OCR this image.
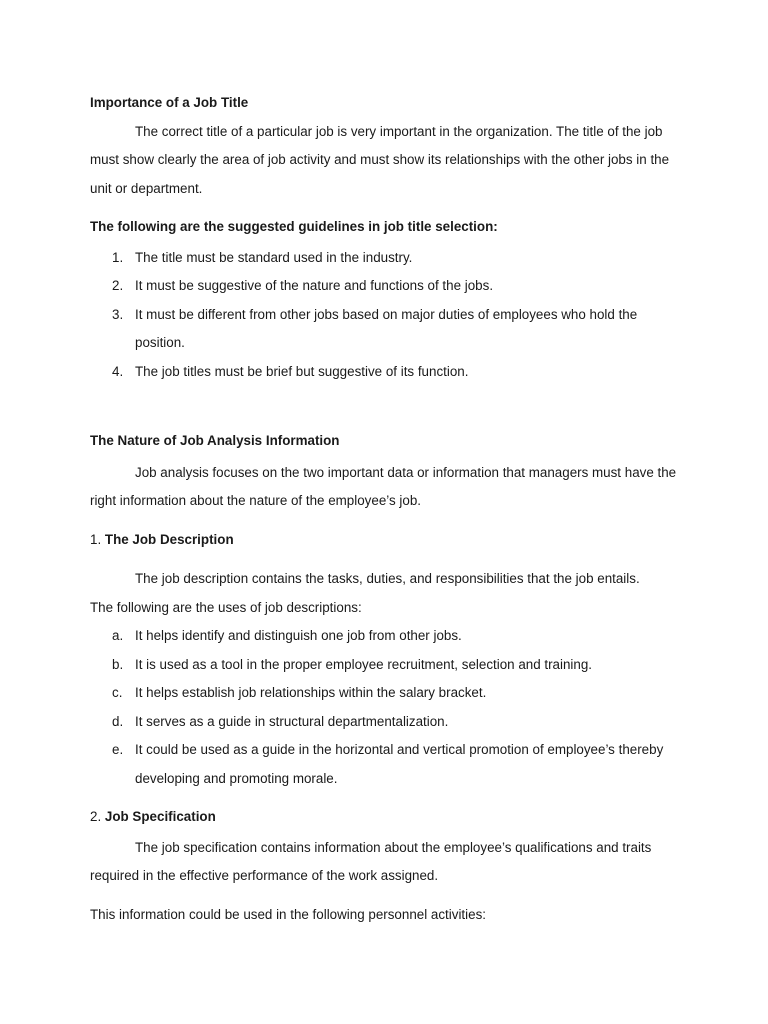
Importance of a Job Title

The correct title of a particular job is very important in the organization. The title of the job must show clearly the area of job activity and must show its relationships with the other jobs in the unit or department.

The following are the suggested guidelines in job title selection:

1. The title must be standard used in the industry.
2. It must be suggestive of the nature and functions of the jobs.
3. It must be different from other jobs based on major duties of employees who hold the position.
4. The job titles must be brief but suggestive of its function.

The Nature of Job Analysis Information

Job analysis focuses on the two important data or information that managers must have the right information about the nature of the employee’s job.

1. The Job Description

The job description contains the tasks, duties, and responsibilities that the job entails.

The following are the uses of job descriptions:

a. It helps identify and distinguish one job from other jobs.
b. It is used as a tool in the proper employee recruitment, selection and training.
c. It helps establish job relationships within the salary bracket.
d. It serves as a guide in structural departmentalization.
e. It could be used as a guide in the horizontal and vertical promotion of employee’s thereby developing and promoting morale.

2. Job Specification

The job specification contains information about the employee’s qualifications and traits required in the effective performance of the work assigned.

This information could be used in the following personnel activities:
